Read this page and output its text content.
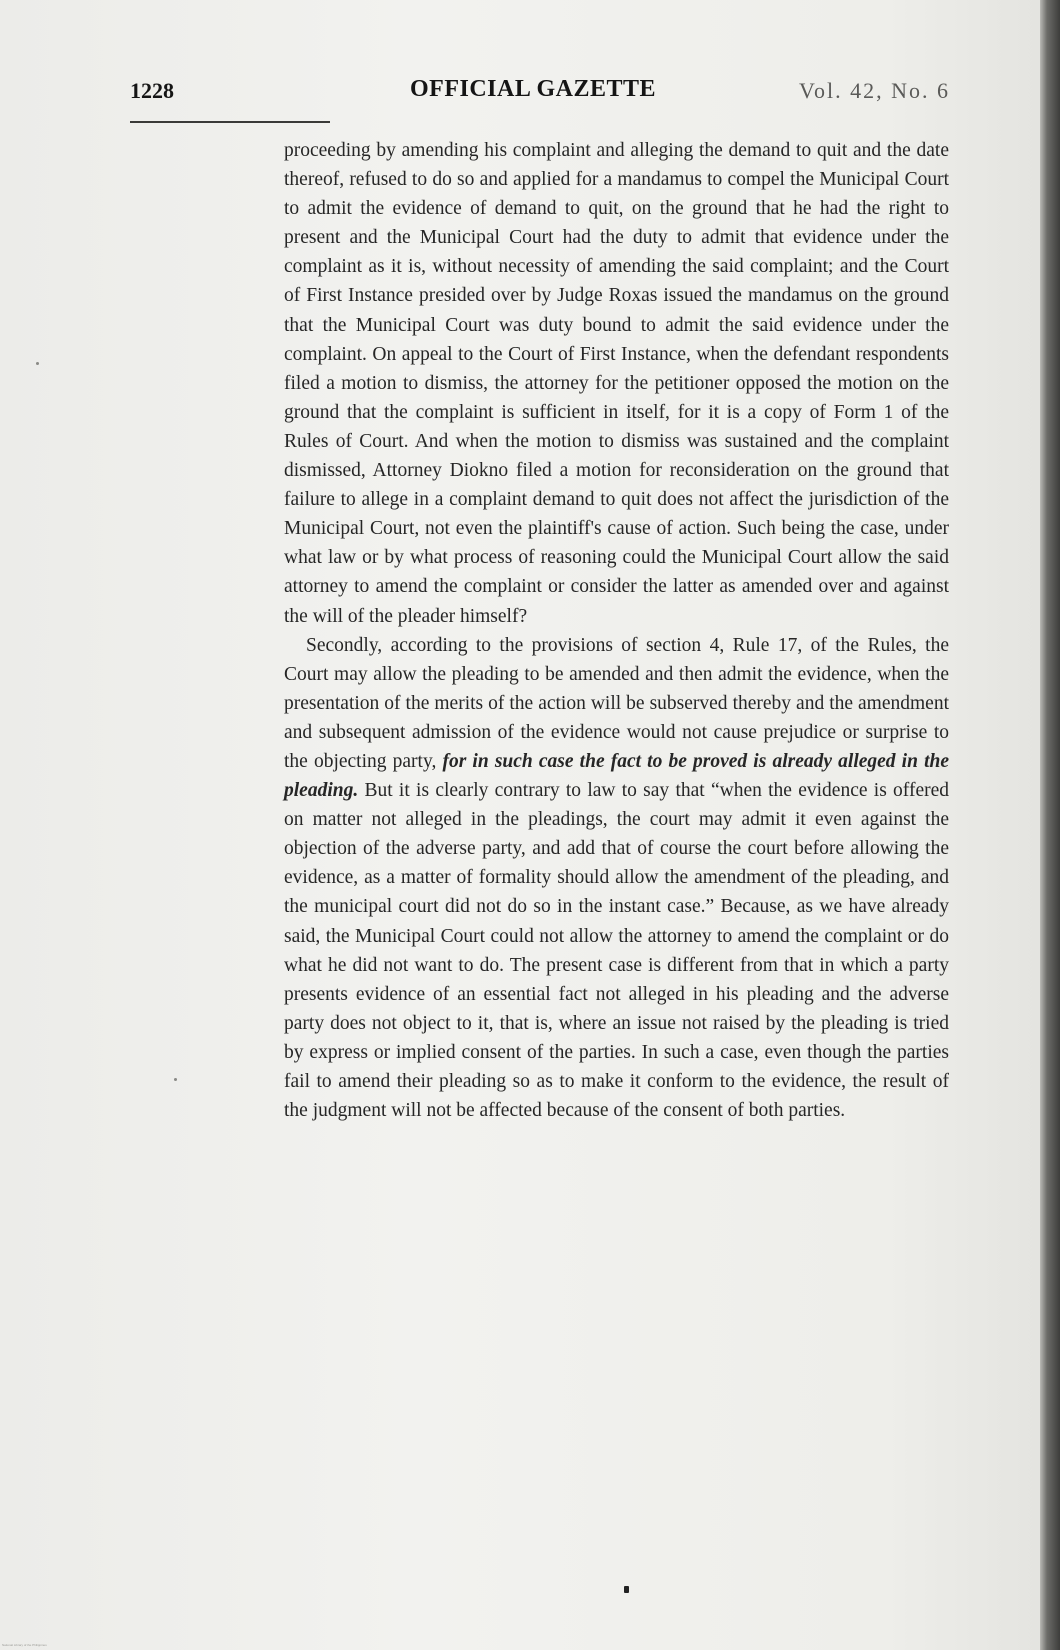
1228	OFFICIAL GAZETTE	Vol. 42, No. 6

proceeding by amending his complaint and alleging the demand to quit and the date thereof, refused to do so and applied for a mandamus to compel the Municipal Court to admit the evidence of demand to quit, on the ground that he had the right to present and the Municipal Court had the duty to admit that evidence under the complaint as it is, without necessity of amending the said complaint; and the Court of First Instance presided over by Judge Roxas issued the mandamus on the ground that the Municipal Court was duty bound to admit the said evidence under the complaint. On appeal to the Court of First Instance, when the defendant respondents filed a motion to dismiss, the attorney for the petitioner opposed the motion on the ground that the complaint is sufficient in itself, for it is a copy of Form 1 of the Rules of Court. And when the motion to dismiss was sustained and the complaint dismissed, Attorney Diokno filed a motion for reconsideration on the ground that failure to allege in a complaint demand to quit does not affect the jurisdiction of the Municipal Court, not even the plaintiff's cause of action. Such being the case, under what law or by what process of reasoning could the Municipal Court allow the said attorney to amend the complaint or consider the latter as amended over and against the will of the pleader himself?

Secondly, according to the provisions of section 4, Rule 17, of the Rules, the Court may allow the pleading to be amended and then admit the evidence, when the presentation of the merits of the action will be subserved thereby and the amendment and subsequent admission of the evidence would not cause prejudice or surprise to the objecting party, for in such case the fact to be proved is already alleged in the pleading. But it is clearly contrary to law to say that “when the evidence is offered on matter not alleged in the pleadings, the court may admit it even against the objection of the adverse party, and add that of course the court before allowing the evidence, as a matter of formality should allow the amendment of the pleading, and the municipal court did not do so in the instant case.” Because, as we have already said, the Municipal Court could not allow the attorney to amend the complaint or do what he did not want to do. The present case is different from that in which a party presents evidence of an essential fact not alleged in his pleading and the adverse party does not object to it, that is, where an issue not raised by the pleading is tried by express or implied consent of the parties. In such a case, even though the parties fail to amend their pleading so as to make it conform to the evidence, the result of the judgment will not be affected because of the consent of both parties.

National Library of the Philippines
